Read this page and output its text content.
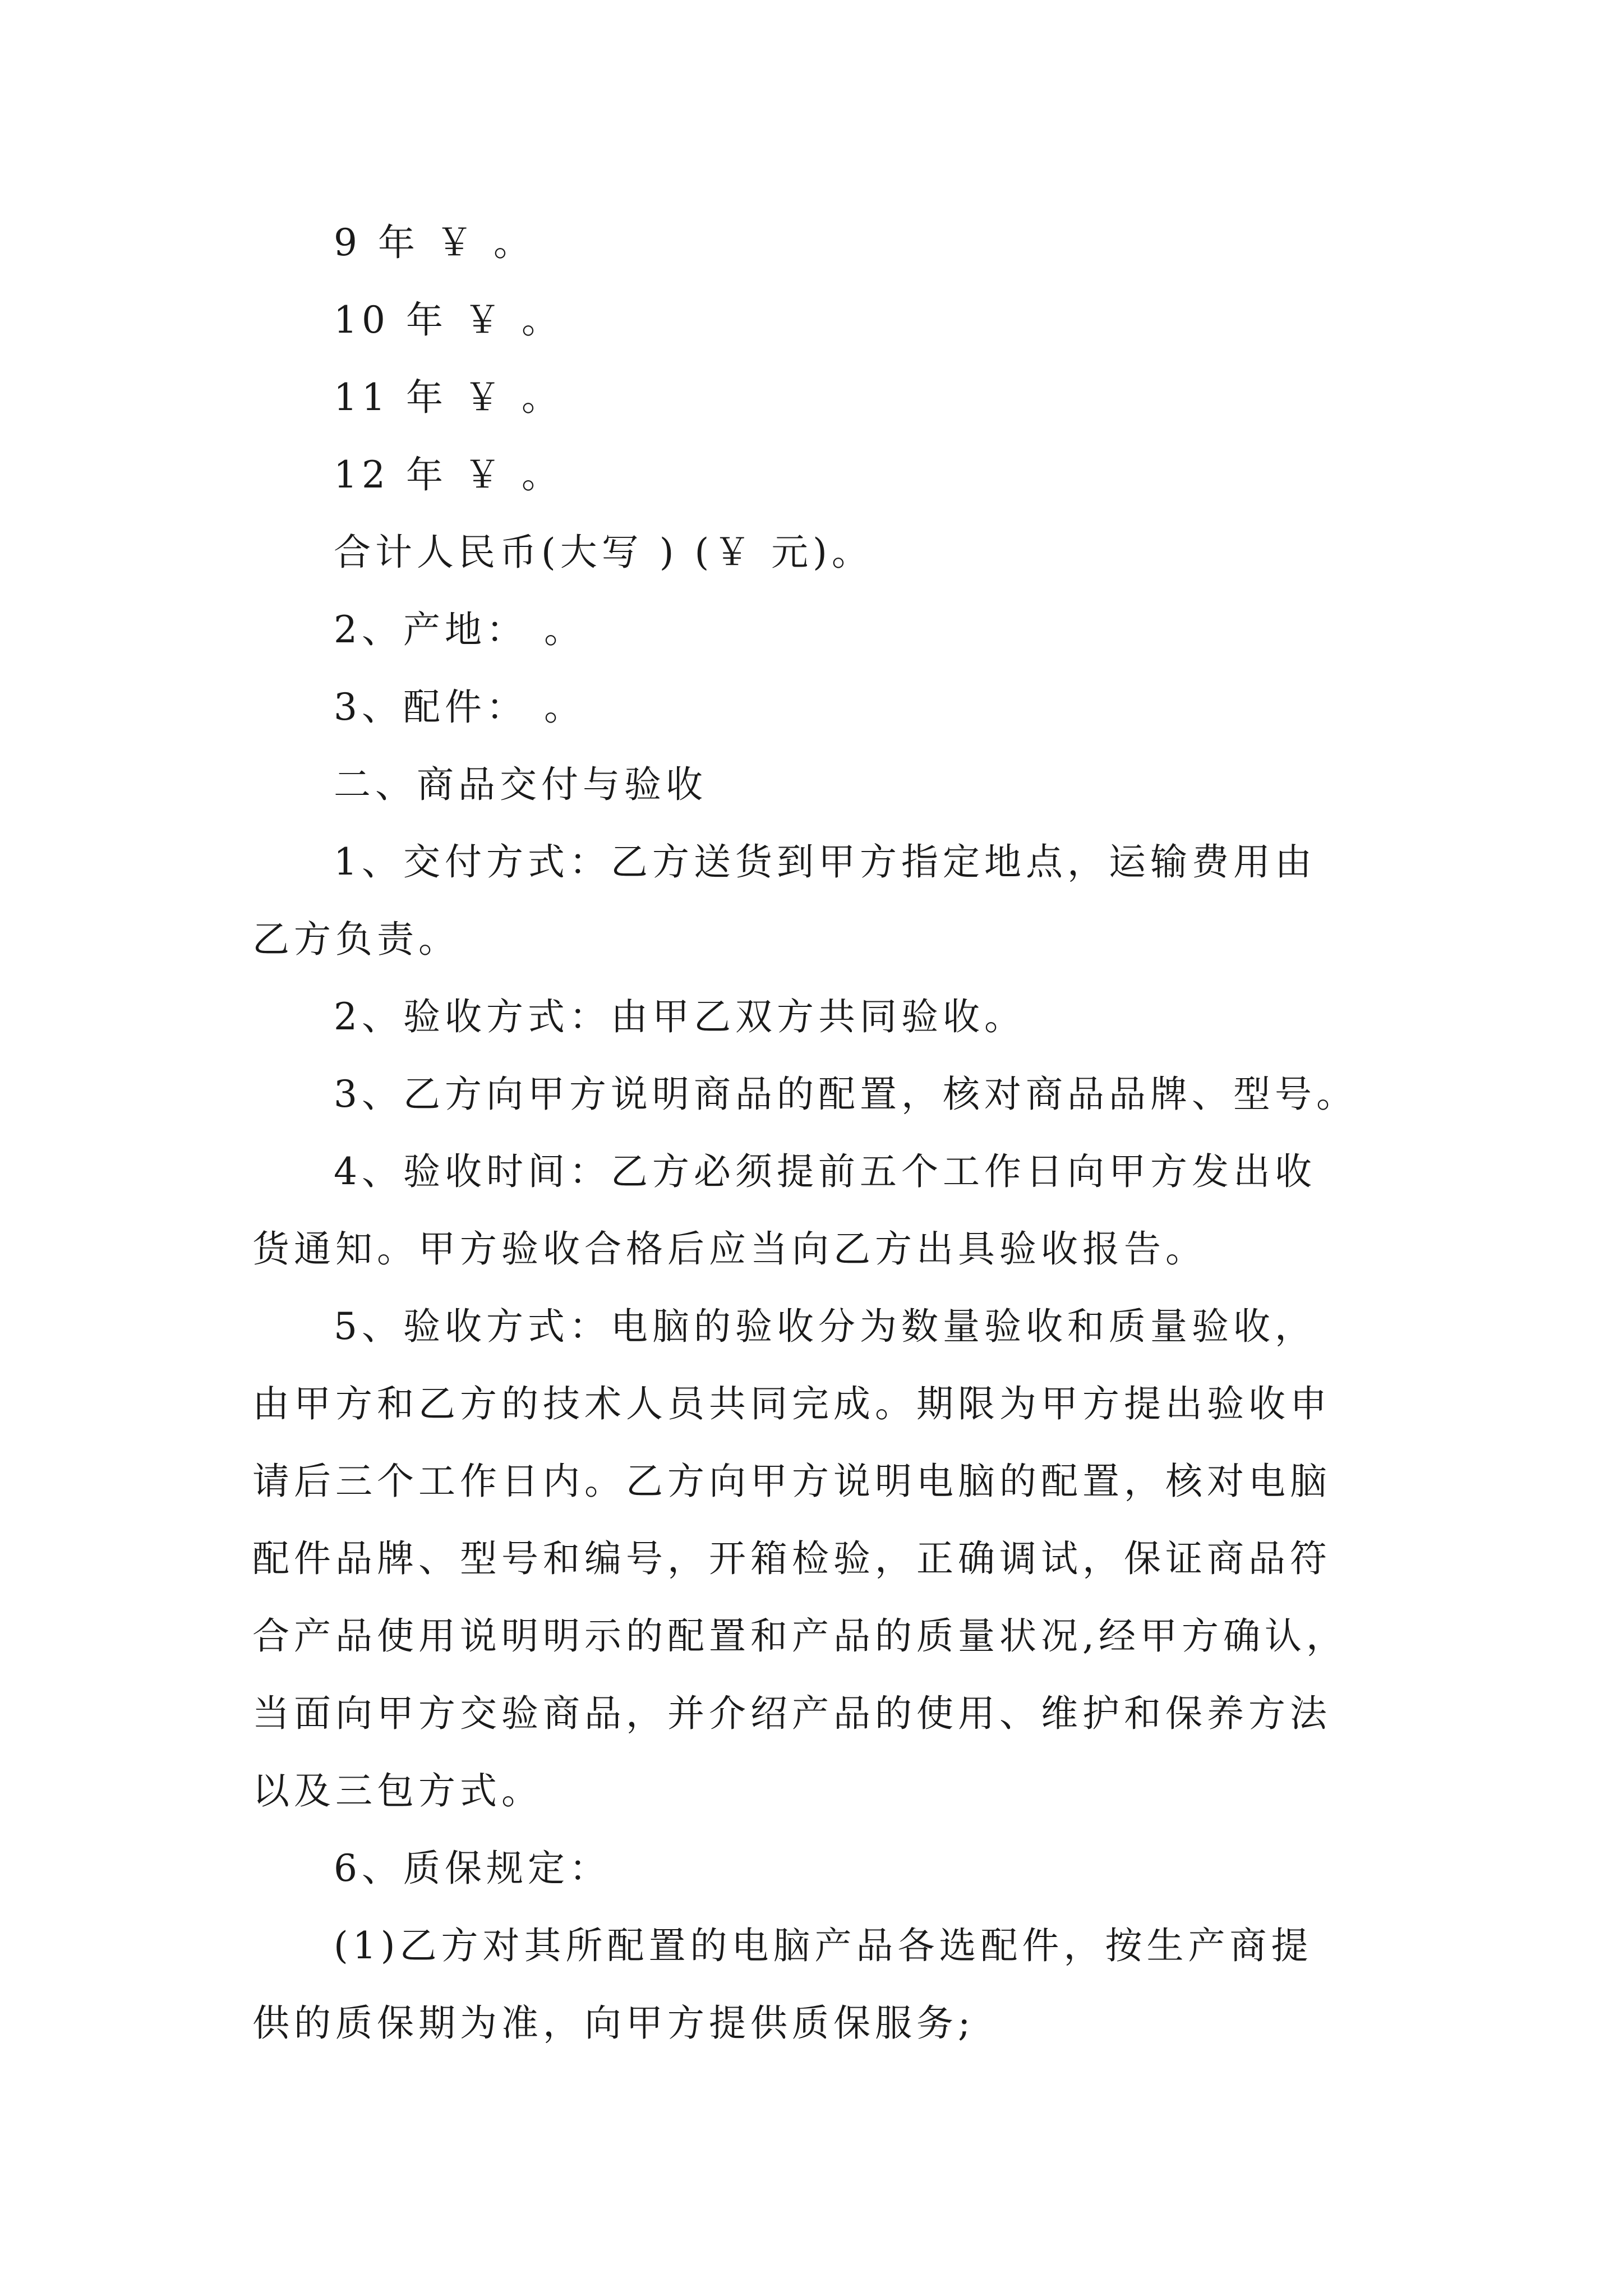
9 年 ￥ 。
10 年 ￥ 。
11 年 ￥ 。
12 年 ￥ 。
合计人民币(大写 ) (￥ 元)。
2、产地： 。
3、配件： 。
二、商品交付与验收
1、交付方式：乙方送货到甲方指定地点，运输费用由
乙方负责。
2、验收方式：由甲乙双方共同验收。
3、乙方向甲方说明商品的配置，核对商品品牌、型号。
4、验收时间：乙方必须提前五个工作日向甲方发出收
货通知。甲方验收合格后应当向乙方出具验收报告。
5、验收方式：电脑的验收分为数量验收和质量验收，
由甲方和乙方的技术人员共同完成。期限为甲方提出验收申
请后三个工作日内。乙方向甲方说明电脑的配置，核对电脑
配件品牌、型号和编号，开箱检验，正确调试，保证商品符
合产品使用说明明示的配置和产品的质量状况,经甲方确认，
当面向甲方交验商品，并介绍产品的使用、维护和保养方法
以及三包方式。
6、质保规定：
(1)乙方对其所配置的电脑产品各选配件，按生产商提
供的质保期为准，向甲方提供质保服务;
